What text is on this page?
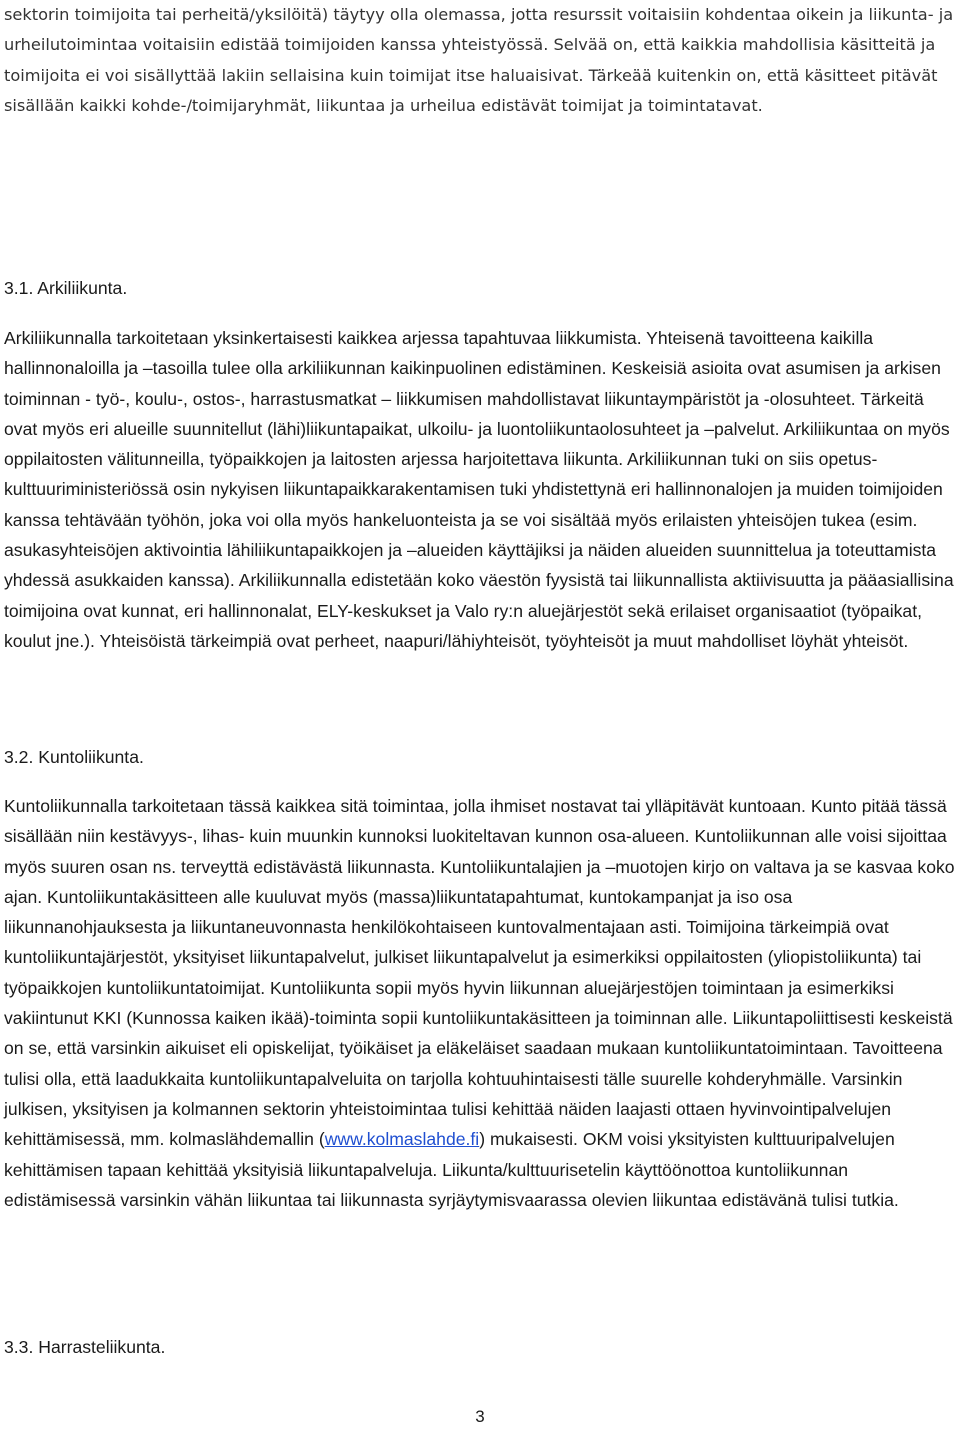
sektorin toimijoita tai perheitä/yksilöitä) täytyy olla olemassa, jotta resurssit voitaisiin kohdentaa oikein ja liikunta- ja urheilutoimintaa voitaisiin edistää toimijoiden kanssa yhteistyössä. Selvää on, että kaikkia mahdollisia käsitteitä ja toimijoita ei voi sisällyttää lakiin sellaisina kuin toimijat itse haluaisivat. Tärkeää kuitenkin on, että käsitteet pitävät sisällään kaikki kohde-/toimijaryhmät, liikuntaa ja urheilua edistävät toimijat ja toimintatavat.

3.1. Arkiliikunta.

Arkiliikunnalla tarkoitetaan yksinkertaisesti kaikkea arjessa tapahtuvaa liikkumista. Yhteisenä tavoitteena kaikilla hallinnonaloilla ja –tasoilla tulee olla arkiliikunnan kaikinpuolinen edistäminen. Keskeisiä asioita ovat asumisen ja arkisen toiminnan - työ-, koulu-, ostos-, harrastusmatkat – liikkumisen mahdollistavat liikuntaympäristöt ja -olosuhteet. Tärkeitä ovat myös eri alueille suunnitellut (lähi)liikuntapaikat, ulkoilu- ja luontoliikuntaolosuhteet ja –palvelut. Arkiliikuntaa on myös oppilaitosten välitunneilla, työpaikkojen ja laitosten arjessa harjoitettava liikunta. Arkiliikunnan tuki on siis opetus- kulttuuriministeriössä osin nykyisen liikuntapaikkarakentamisen tuki yhdistettynä eri hallinnonalojen ja muiden toimijoiden kanssa tehtävään työhön, joka voi olla myös hankeluonteista ja se voi sisältää myös erilaisten yhteisöjen tukea (esim. asukasyhteisöjen aktivointia lähiliikuntapaikkojen ja –alueiden käyttäjiksi ja näiden alueiden suunnittelua ja toteuttamista yhdessä asukkaiden kanssa). Arkiliikunnalla edistetään koko väestön fyysistä tai liikunnallista aktiivisuutta ja pääasiallisina toimijoina ovat kunnat, eri hallinnonalat, ELY-keskukset ja Valo ry:n aluejärjestöt sekä erilaiset organisaatiot (työpaikat, koulut jne.). Yhteisöistä tärkeimpiä ovat perheet, naapuri/lähiyhteisöt, työyhteisöt ja muut mahdolliset löyhät yhteisöt.

3.2. Kuntoliikunta.

Kuntoliikunnalla tarkoitetaan tässä kaikkea sitä toimintaa, jolla ihmiset nostavat tai ylläpitävät kuntoaan. Kunto pitää tässä sisällään niin kestävyys-, lihas- kuin muunkin kunnoksi luokiteltavan kunnon osa-alueen. Kuntoliikunnan alle voisi sijoittaa myös suuren osan ns. terveyttä edistävästä liikunnasta. Kuntoliikuntalajien ja –muotojen kirjo on valtava ja se kasvaa koko ajan. Kuntoliikuntakäsitteen alle kuuluvat myös (massa)liikuntatapahtumat, kuntokampanjat ja iso osa liikunnanohjauksesta ja liikuntaneuvonnasta henkilökohtaiseen kuntovalmentajaan asti. Toimijoina tärkeimpiä ovat kuntoliikuntajärjestöt, yksityiset liikuntapalvelut, julkiset liikuntapalvelut ja esimerkiksi oppilaitosten (yliopistoliikunta) tai työpaikkojen kuntoliikuntatoimijat. Kuntoliikunta sopii myös hyvin liikunnan aluejärjestöjen toimintaan ja esimerkiksi vakiintunut KKI (Kunnossa kaiken ikää)-toiminta sopii kuntoliikuntakäsitteen ja toiminnan alle. Liikuntapoliittisesti keskeistä on se, että varsinkin aikuiset eli opiskelijat, työikäiset ja eläkeläiset saadaan mukaan kuntoliikuntatoimintaan. Tavoitteena tulisi olla, että laadukkaita kuntoliikuntapalveluita on tarjolla kohtuuhintaisesti tälle suurelle kohderyhmälle. Varsinkin julkisen, yksityisen ja kolmannen sektorin yhteistoimintaa tulisi kehittää näiden laajasti ottaen hyvinvointipalvelujen kehittämisessä, mm. kolmaslähdemallin (www.kolmaslahde.fi) mukaisesti. OKM voisi yksityisten kulttuuripalvelujen kehittämisen tapaan kehittää yksityisiä liikuntapalveluja. Liikunta/kulttuurisetelin käyttöönottoa kuntoliikunnan edistämisessä varsinkin vähän liikuntaa tai liikunnasta syrjäytymisvaarassa olevien liikuntaa edistävänä tulisi tutkia.

3.3. Harrasteliikunta.

3
